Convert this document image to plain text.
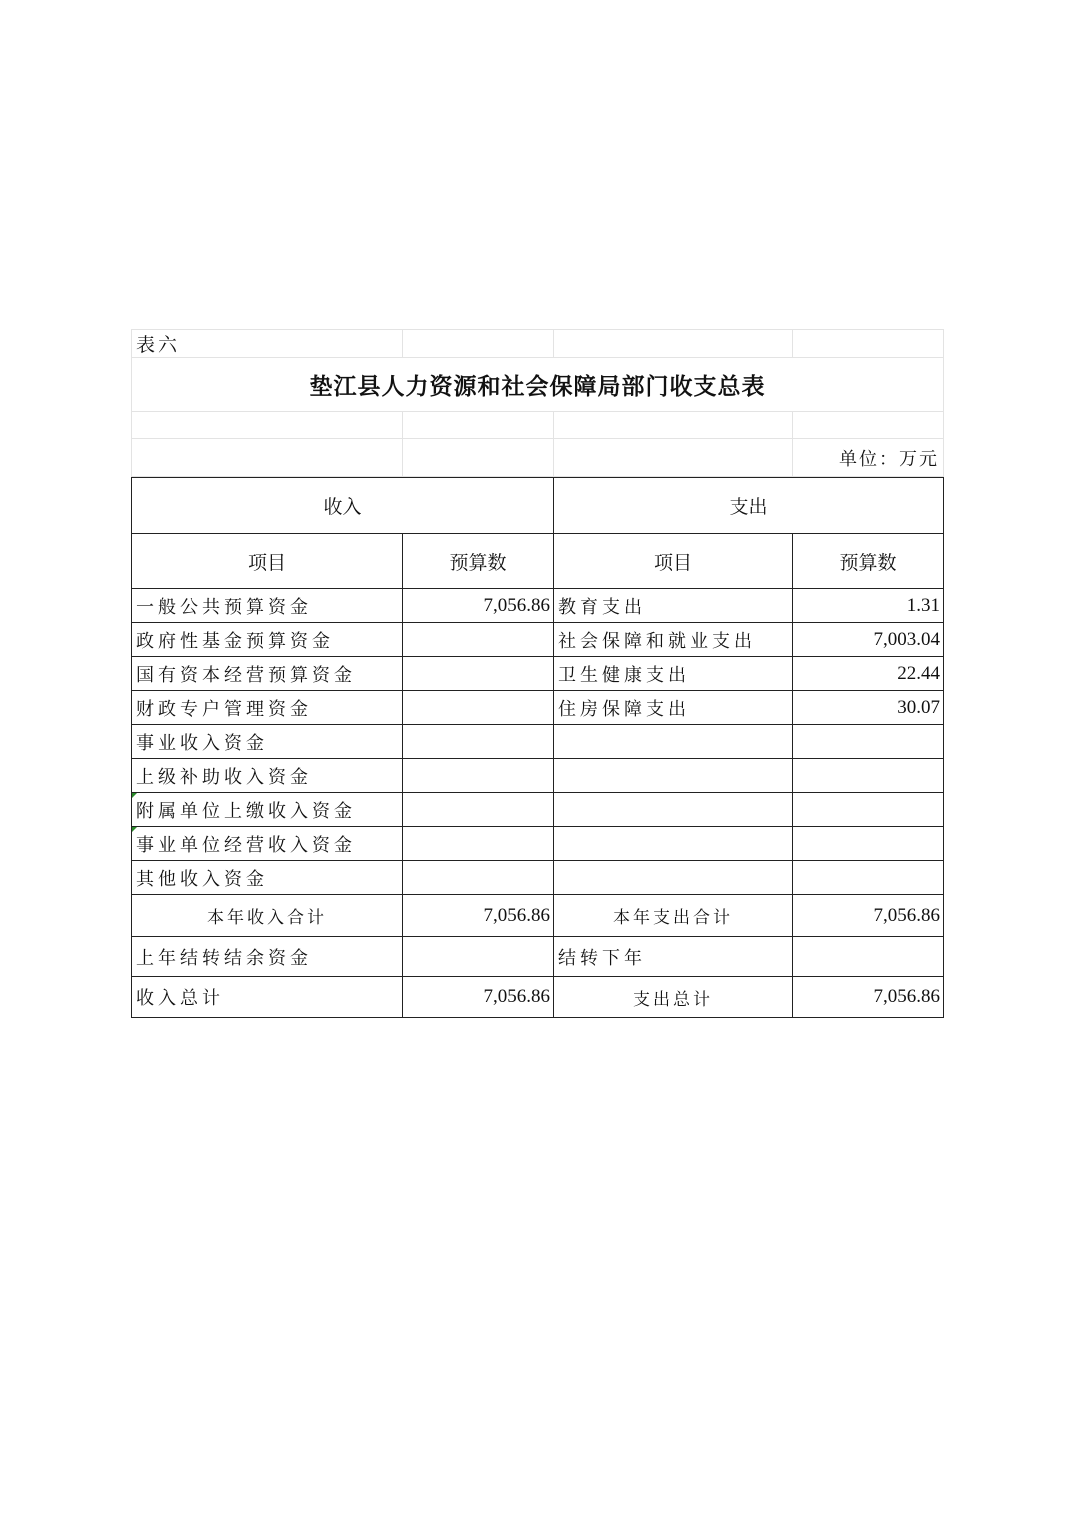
表六			
垫江县人力资源和社会保障局部门收支总表			

			单位：万元
收入		支出	
项目	预算数	项目	预算数
一般公共预算资金	7,056.86	教育支出	1.31
政府性基金预算资金		社会保障和就业支出	7,003.04
国有资本经营预算资金		卫生健康支出	22.44
财政专户管理资金		住房保障支出	30.07
事业收入资金			
上级补助收入资金			
附属单位上缴收入资金			
事业单位经营收入资金			
其他收入资金			
本年收入合计	7,056.86	本年支出合计	7,056.86
上年结转结余资金		结转下年	
收入总计	7,056.86	支出总计	7,056.86
